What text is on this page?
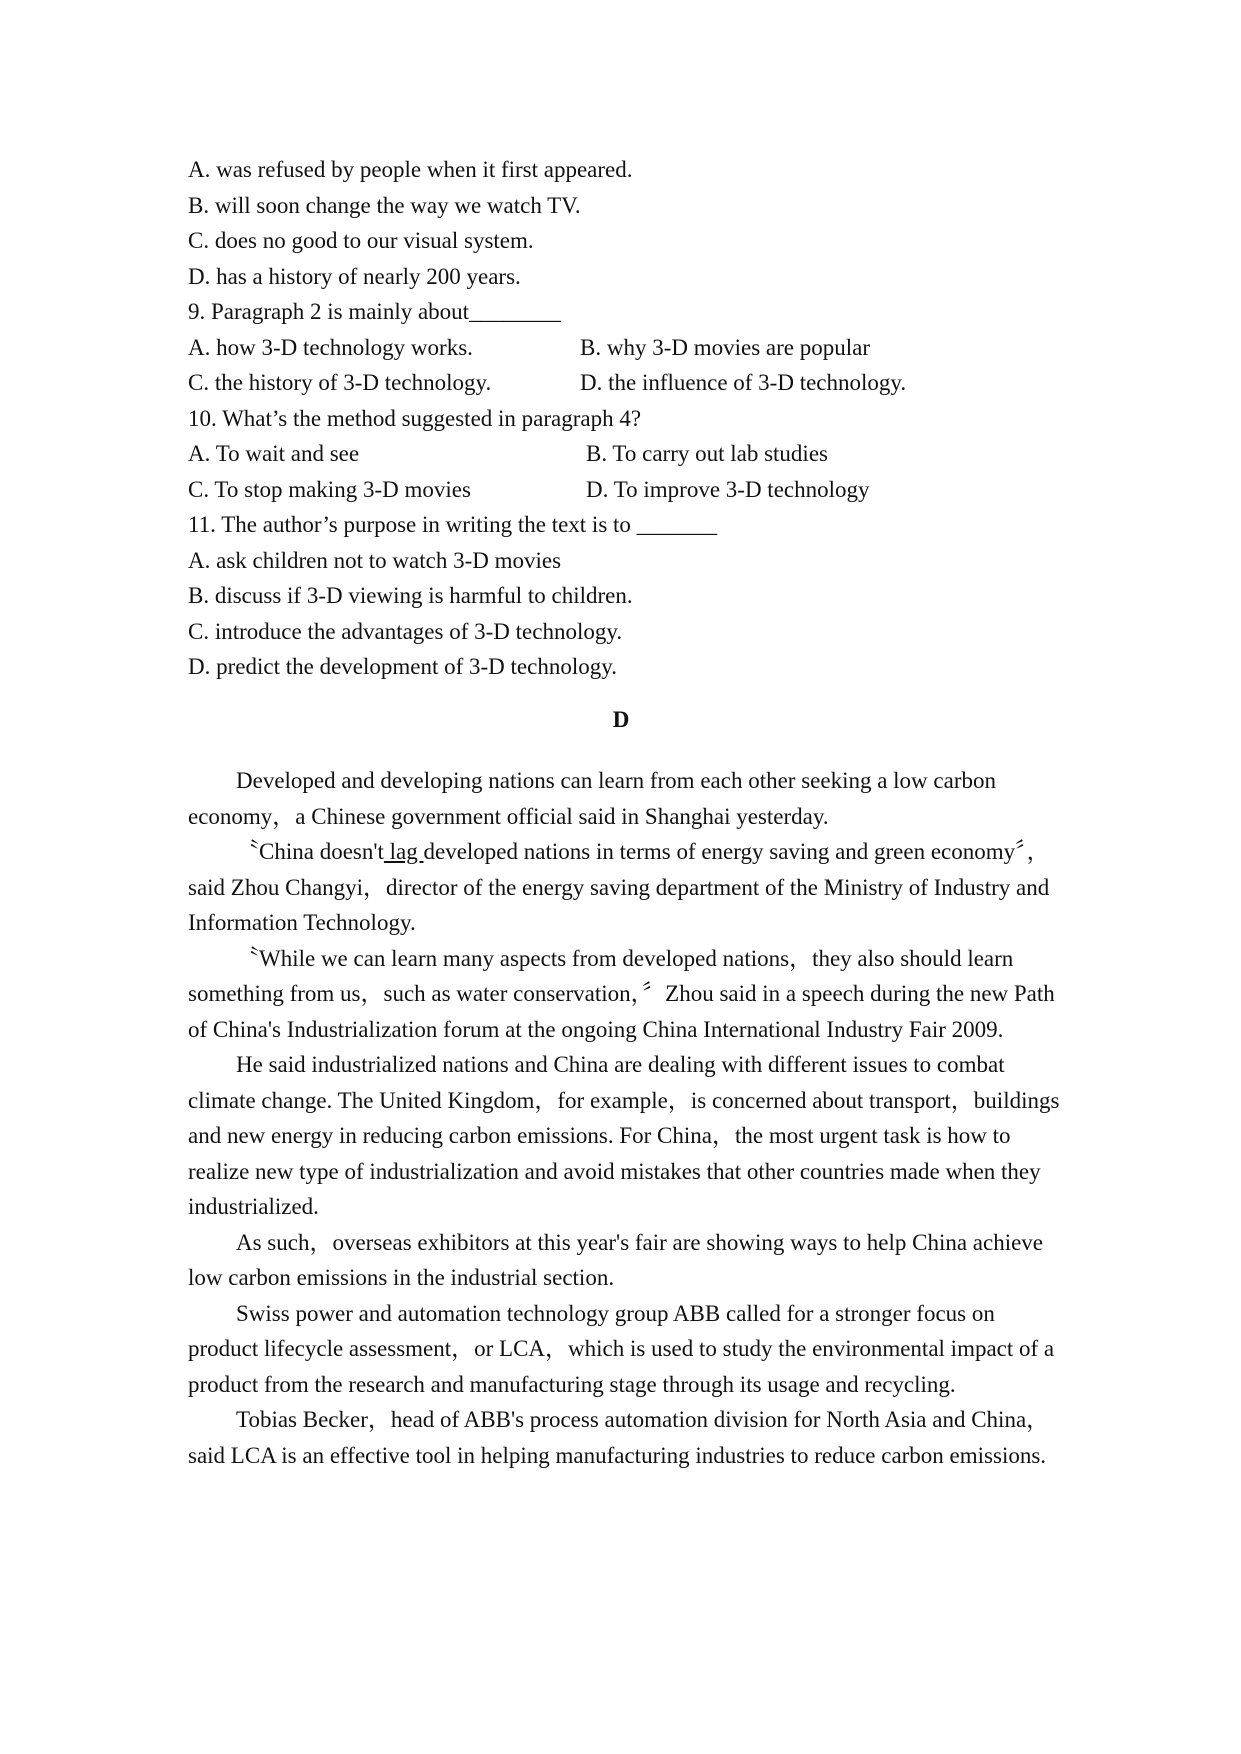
A. was refused by people when it first appeared.
B. will soon change the way we watch TV.
C. does no good to our visual system.
D. has a history of nearly 200 years.
9. Paragraph 2 is mainly about________
A. how 3-D technology works.	B. why 3-D movies are popular
C. the history of 3-D technology.	D. the influence of 3-D technology.
10. What’s the method suggested in paragraph 4?
A. To wait and see	B. To carry out lab studies
C. To stop making 3-D movies	D. To improve 3-D technology
11. The author’s purpose in writing the text is to _______
A. ask children not to watch 3-D movies
B. discuss if 3-D viewing is harmful to children.
C. introduce the advantages of 3-D technology.
D. predict the development of 3-D technology.
D

Developed and developing nations can learn from each other seeking a low carbon economy，a Chinese government official said in Shanghai yesterday.

〝China doesn't lag developed nations in terms of energy saving and green economy〞，said Zhou Changyi，director of the energy saving department of the Ministry of Industry and Information Technology.

〝While we can learn many aspects from developed nations，they also should learn something from us，such as water conservation，〞Zhou said in a speech during the new Path of China's Industrialization forum at the ongoing China International Industry Fair 2009.

He said industrialized nations and China are dealing with different issues to combat climate change. The United Kingdom，for example，is concerned about transport，buildings and new energy in reducing carbon emissions. For China，the most urgent task is how to realize new type of industrialization and avoid mistakes that other countries made when they industrialized.

As such，overseas exhibitors at this year's fair are showing ways to help China achieve low carbon emissions in the industrial section.

Swiss power and automation technology group ABB called for a stronger focus on product lifecycle assessment，or LCA，which is used to study the environmental impact of a product from the research and manufacturing stage through its usage and recycling.

Tobias Becker，head of ABB's process automation division for North Asia and China，said LCA is an effective tool in helping manufacturing industries to reduce carbon emissions.
